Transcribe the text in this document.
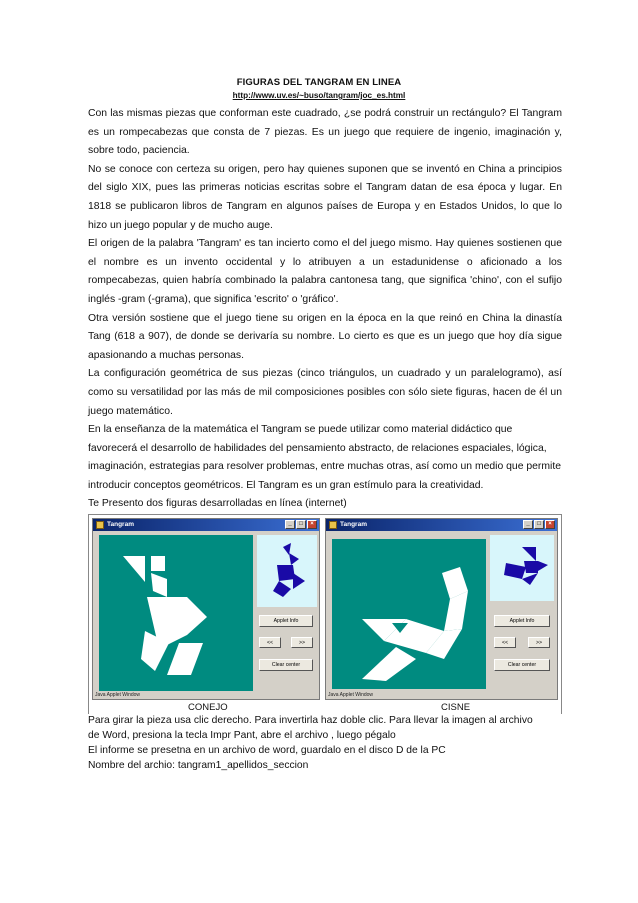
FIGURAS DEL TANGRAM EN LINEA
http://www.uv.es/~buso/tangram/joc_es.html

Con las mismas piezas que conforman este cuadrado, ¿se podrá construir un rectángulo? El Tangram es un rompecabezas que consta de 7 piezas. Es un juego que requiere de ingenio, imaginación y, sobre todo, paciencia.

No se conoce con certeza su origen, pero hay quienes suponen que se inventó en China a principios del siglo XIX, pues las primeras noticias escritas sobre el Tangram datan de esa época y lugar. En 1818 se publicaron libros de Tangram en algunos países de Europa y en Estados Unidos, lo que lo hizo un juego popular y de mucho auge.

El origen de la palabra 'Tangram' es tan incierto como el del juego mismo. Hay quienes sostienen que el nombre es un invento occidental y lo atribuyen a un estadunidense o aficionado a los rompecabezas, quien habría combinado la palabra cantonesa tang, que significa 'chino', con el sufijo inglés -gram (-grama), que significa 'escrito' o 'gráfico'.

Otra versión sostiene que el juego tiene su origen en la época en la que reinó en China la dinastía Tang (618 a 907), de donde se derivaría su nombre. Lo cierto es que es un juego que hoy día sigue apasionando a muchas personas.

La configuración geométrica de sus piezas (cinco triángulos, un cuadrado y un paralelogramo), así como su versatilidad por las más de mil composiciones posibles con sólo siete figuras, hacen de él un juego matemático.

En la enseñanza de la matemática el Tangram se puede utilizar como material didáctico que favorecerá el desarrollo de habilidades del pensamiento abstracto, de relaciones espaciales, lógica, imaginación, estrategias para resolver problemas, entre muchas otras, así como un medio que permite introducir conceptos geométricos. El Tangram es un gran estímulo para la creatividad.

Te Presento dos figuras desarrolladas en línea (internet)

Tangram	_	□	×
Applet Info
<<	>>
Clear center
Java Applet Window
Tangram	_	□	×
Applet Info
<<	>>
Clear center
Java Applet Window
CONEJO	CISNE

Para girar la pieza usa clic derecho. Para invertirla haz doble clic. Para llevar la imagen al archivo

de Word, presiona la tecla Impr Pant, abre el archivo , luego pégalo

El informe se presetna en un archivo de word, guardalo en el disco D de la PC

Nombre del archio: tangram1_apellidos_seccion
